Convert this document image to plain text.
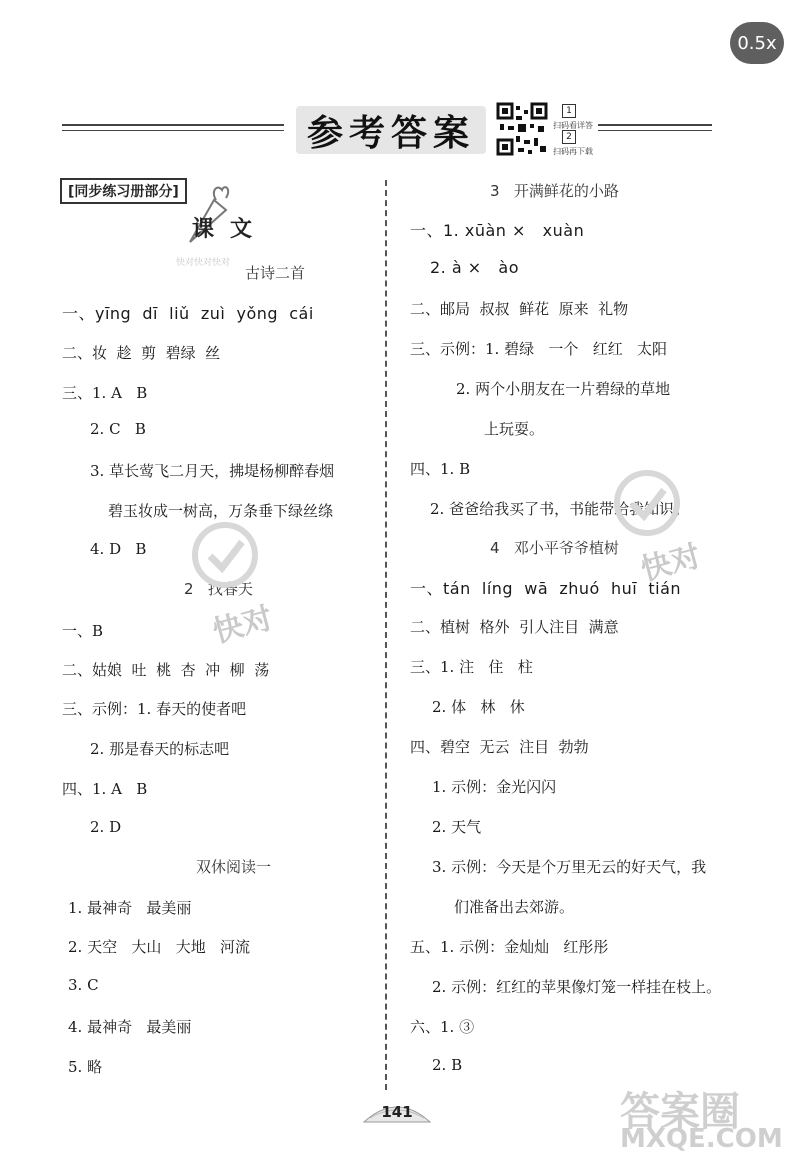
0.5x
参考答案
1
扫码看详答
2
扫码再下载
[同步练习册部分]
课文
快对快对快对
古诗二首
一、yīng  dī  liǔ  zuì  yǒng  cái
二、妆  趁  剪  碧绿  丝
三、1. A   B
2. C   B
3. 草长莺飞二月天，拂堤杨柳醉春烟
碧玉妆成一树高，万条垂下绿丝绦
4. D   B
2   找春天
一、B
二、姑娘  吐  桃  杏  冲  柳  荡
三、示例：1. 春天的使者吧
2. 那是春天的标志吧
四、1. A   B
2. D
双休阅读一
1. 最神奇   最美丽
2. 天空   大山   大地   河流
3. C
4. 最神奇   最美丽
5. 略
3   开满鲜花的小路
一、1. xūàn ×   xuàn
2. à ×   ào
二、邮局  叔叔  鲜花  原来  礼物
三、示例：1. 碧绿   一个   红红   太阳
2. 两个小朋友在一片碧绿的草地
上玩耍。
四、1. B
2. 爸爸给我买了书，书能带给我知识。
4   邓小平爷爷植树
一、tán  líng  wā  zhuó  huī  tián
二、植树  格外  引人注目  满意
三、1. 注   住   柱
2. 体   林   休
四、碧空  无云  注目  勃勃
1. 示例：金光闪闪
2. 天气
3. 示例：今天是个万里无云的好天气，我
们准备出去郊游。
五、1. 示例：金灿灿   红彤彤
2. 示例：红红的苹果像灯笼一样挂在枝上。
六、1. ③
2. B
快对
快对
141	答案圈
MXQE.COM
